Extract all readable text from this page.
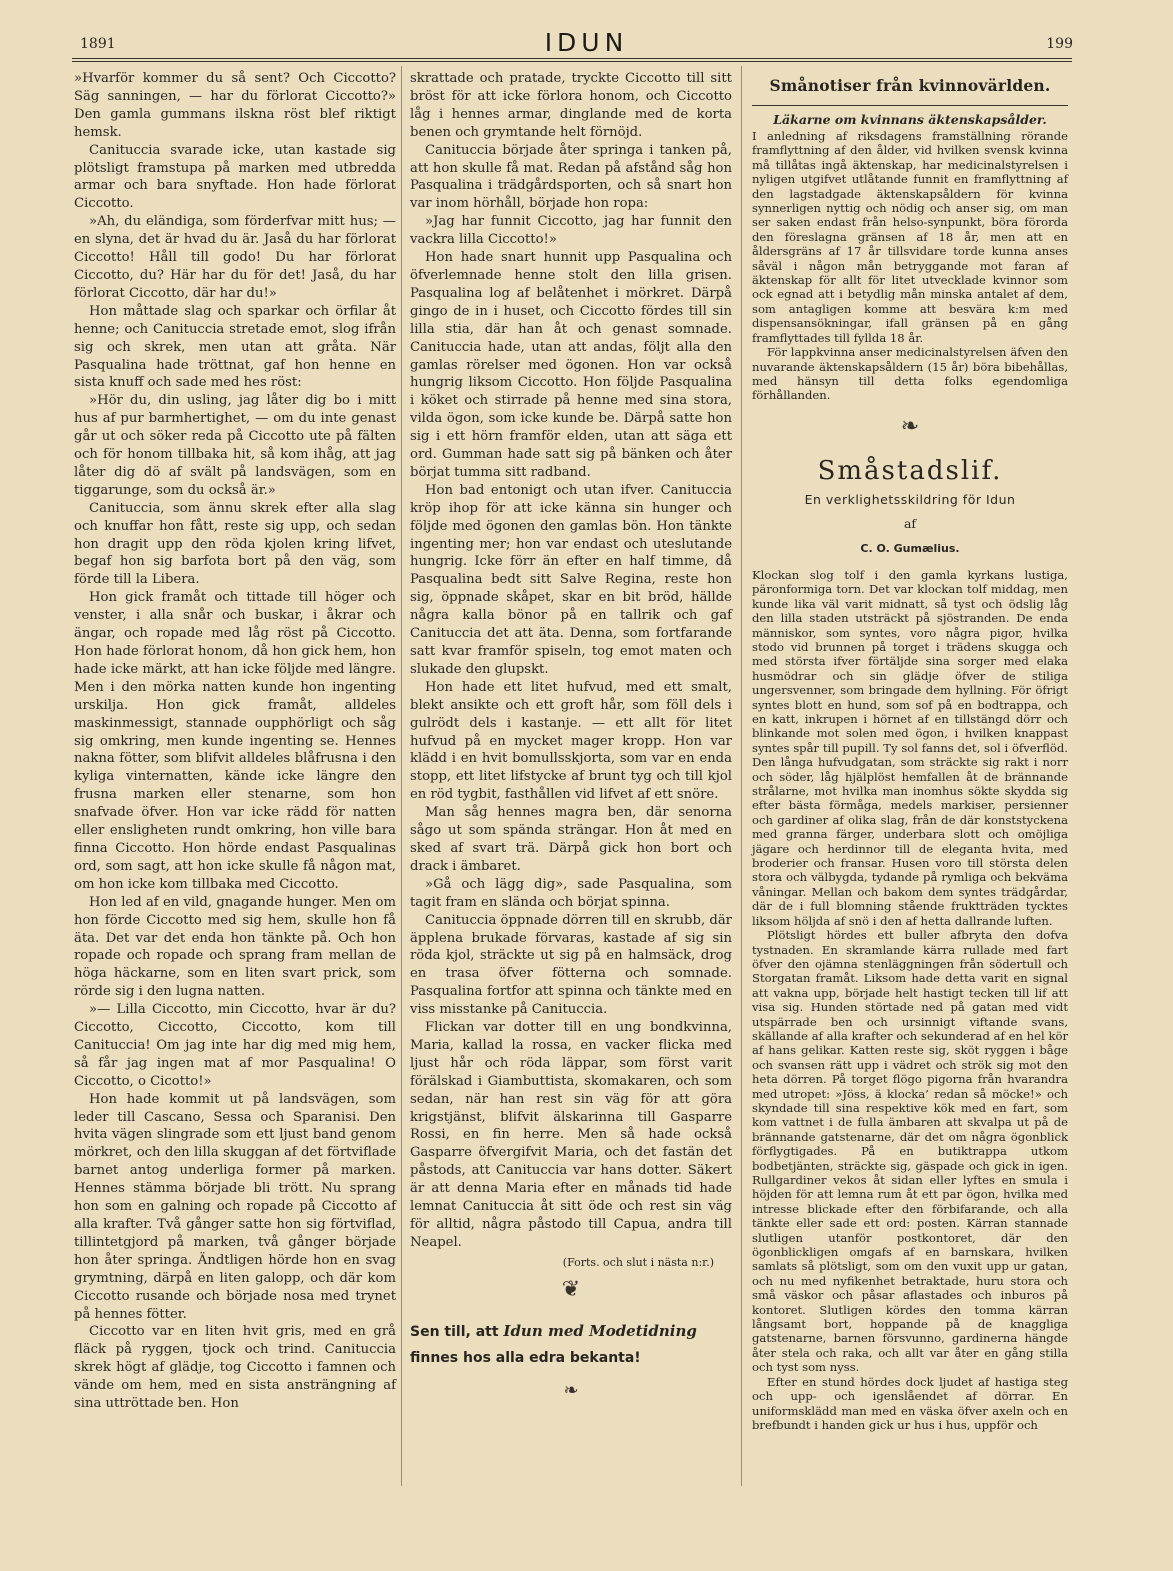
1891	IDUN	199

»Hvarför kommer du så sent? Och Ciccotto? Säg sanningen, — har du förlorat Ciccotto?» Den gamla gummans ilskna röst blef riktigt hemsk.

Canituccia svarade icke, utan kastade sig plötsligt framstupa på marken med utbredda armar och bara snyftade. Hon hade förlorat Ciccotto.

»Ah, du eländiga, som förderfvar mitt hus; — en slyna, det är hvad du är. Jaså du har förlorat Ciccotto! Håll till godo! Du har förlorat Ciccotto, du? Här har du för det! Jaså, du har förlorat Ciccotto, där har du!»

Hon måttade slag och sparkar och örfilar åt henne; och Canituccia stretade emot, slog ifrån sig och skrek, men utan att gråta. När Pasqualina hade tröttnat, gaf hon henne en sista knuff och sade med hes röst:

»Hör du, din usling, jag låter dig bo i mitt hus af pur barmhertighet, — om du inte genast går ut och söker reda på Ciccotto ute på fälten och för honom tillbaka hit, så kom ihåg, att jag låter dig dö af svält på landsvägen, som en tiggarunge, som du också är.»

Canituccia, som ännu skrek efter alla slag och knuffar hon fått, reste sig upp, och sedan hon dragit upp den röda kjolen kring lifvet, begaf hon sig barfota bort på den väg, som förde till la Libera.

Hon gick framåt och tittade till höger och venster, i alla snår och buskar, i åkrar och ängar, och ropade med låg röst på Ciccotto. Hon hade förlorat honom, då hon gick hem, hon hade icke märkt, att han icke följde med längre. Men i den mörka natten kunde hon ingenting urskilja. Hon gick framåt, alldeles maskinmessigt, stannade oupphörligt och såg sig omkring, men kunde ingenting se. Hennes nakna fötter, som blifvit alldeles blåfrusna i den kyliga vinternatten, kände icke längre den frusna marken eller stenarne, som hon snafvade öfver. Hon var icke rädd för natten eller ensligheten rundt omkring, hon ville bara finna Ciccotto. Hon hörde endast Pasqualinas ord, som sagt, att hon icke skulle få någon mat, om hon icke kom tillbaka med Ciccotto.

Hon led af en vild, gnagande hunger. Men om hon förde Ciccotto med sig hem, skulle hon få äta. Det var det enda hon tänkte på. Och hon ropade och ropade och sprang fram mellan de höga häckarne, som en liten svart prick, som rörde sig i den lugna natten.

»— Lilla Ciccotto, min Ciccotto, hvar är du? Ciccotto, Ciccotto, Ciccotto, kom till Canituccia! Om jag inte har dig med mig hem, så får jag ingen mat af mor Pasqualina! O Ciccotto, o Cicotto!»

Hon hade kommit ut på landsvägen, som leder till Cascano, Sessa och Sparanisi. Den hvita vägen slingrade som ett ljust band genom mörkret, och den lilla skuggan af det förtviflade barnet antog underliga former på marken. Hennes stämma började bli trött. Nu sprang hon som en galning och ropade på Ciccotto af alla krafter. Två gånger satte hon sig förtviflad, tillintetgjord på marken, två gånger började hon åter springa. Ändtligen hörde hon en svag grymtning, därpå en liten galopp, och där kom Ciccotto rusande och började nosa med trynet på hennes fötter.

Ciccotto var en liten hvit gris, med en grå fläck på ryggen, tjock och trind. Canituccia skrek högt af glädje, tog Ciccotto i famnen och vände om hem, med en sista ansträngning af sina uttröttade ben. Hon

skrattade och pratade, tryckte Ciccotto till sitt bröst för att icke förlora honom, och Ciccotto låg i hennes armar, dinglande med de korta benen och grymtande helt förnöjd.

Canituccia började åter springa i tanken på, att hon skulle få mat. Redan på afstånd såg hon Pasqualina i trädgårdsporten, och så snart hon var inom hörhåll, började hon ropa:

»Jag har funnit Ciccotto, jag har funnit den vackra lilla Ciccotto!»

Hon hade snart hunnit upp Pasqualina och öfverlemnade henne stolt den lilla grisen. Pasqualina log af belåtenhet i mörkret. Därpå gingo de in i huset, och Ciccotto fördes till sin lilla stia, där han åt och genast somnade. Canituccia hade, utan att andas, följt alla den gamlas rörelser med ögonen. Hon var också hungrig liksom Ciccotto. Hon följde Pasqualina i köket och stirrade på henne med sina stora, vilda ögon, som icke kunde be. Därpå satte hon sig i ett hörn framför elden, utan att säga ett ord. Gumman hade satt sig på bänken och åter börjat tumma sitt radband.

Hon bad entonigt och utan ifver. Canituccia kröp ihop för att icke känna sin hunger och följde med ögonen den gamlas bön. Hon tänkte ingenting mer; hon var endast och uteslutande hungrig. Icke förr än efter en half timme, då Pasqualina bedt sitt Salve Regina, reste hon sig, öppnade skåpet, skar en bit bröd, hällde några kalla bönor på en tallrik och gaf Canituccia det att äta. Denna, som fortfarande satt kvar framför spiseln, tog emot maten och slukade den glupskt.

Hon hade ett litet hufvud, med ett smalt, blekt ansikte och ett groft hår, som föll dels i gulrödt dels i kastanje. — ett allt för litet hufvud på en mycket mager kropp. Hon var klädd i en hvit bomullsskjorta, som var en enda stopp, ett litet lifstycke af brunt tyg och till kjol en röd tygbit, fasthållen vid lifvet af ett snöre.

Man såg hennes magra ben, där senorna sågo ut som spända strängar. Hon åt med en sked af svart trä. Därpå gick hon bort och drack i ämbaret.

»Gå och lägg dig», sade Pasqualina, som tagit fram en slända och börjat spinna.

Canituccia öppnade dörren till en skrubb, där äpplena brukade förvaras, kastade af sig sin röda kjol, sträckte ut sig på en halmsäck, drog en trasa öfver fötterna och somnade. Pasqualina fortfor att spinna och tänkte med en viss misstanke på Canituccia.

Flickan var dotter till en ung bondkvinna, Maria, kallad la rossa, en vacker flicka med ljust hår och röda läppar, som först varit förälskad i Giambuttista, skomakaren, och som sedan, när han rest sin väg för att göra krigstjänst, blifvit älskarinna till Gasparre Rossi, en fin herre. Men så hade också Gasparre öfvergifvit Maria, och det fastän det påstods, att Canituccia var hans dotter. Säkert är att denna Maria efter en månads tid hade lemnat Canituccia åt sitt öde och rest sin väg för alltid, några påstodo till Capua, andra till Neapel.

(Forts. och slut i nästa n:r.)
❦
Sen till, att Idun med Modetidning
finnes hos alla edra bekanta!
❧
Smånotiser från kvinnovärlden.
Läkarne om kvinnans äktenskapsålder.

I anledning af riksdagens framställning rörande framflyttning af den ålder, vid hvilken svensk kvinna må tillåtas ingå äktenskap, har medicinalstyrelsen i nyligen utgifvet utlåtande funnit en framflyttning af den lagstadgade äktenskapsåldern för kvinna synnerligen nyttig och nödig och anser sig, om man ser saken endast från helso-synpunkt, böra förorda den föreslagna gränsen af 18 år, men att en åldersgräns af 17 år tillsvidare torde kunna anses såväl i någon mån betryggande mot faran af äktenskap för allt för litet utvecklade kvinnor som ock egnad att i betydlig mån minska antalet af dem, som antagligen komme att besvära k:m med dispensansökningar, ifall gränsen på en gång framflyttades till fyllda 18 år.

För lappkvinna anser medicinalstyrelsen äfven den nuvarande äktenskapsåldern (15 år) böra bibehållas, med hänsyn till detta folks egendomliga förhållanden.

❧
Småstadslif.
En verklighetsskildring för Idun
af
C. O. Gumælius.

Klockan slog tolf i den gamla kyrkans lustiga, päronformiga torn. Det var klockan tolf middag, men kunde lika väl varit midnatt, så tyst och ödslig låg den lilla staden utsträckt på sjöstranden. De enda människor, som syntes, voro några pigor, hvilka stodo vid brunnen på torget i trädens skugga och med största ifver förtäljde sina sorger med elaka husmödrar och sin glädje öfver de stiliga ungersvenner, som bringade dem hyllning. För öfrigt syntes blott en hund, som sof på en bodtrappa, och en katt, inkrupen i hörnet af en tillstängd dörr och blinkande mot solen med ögon, i hvilken knappast syntes spår till pupill. Ty sol fanns det, sol i öfverflöd. Den långa hufvudgatan, som sträckte sig rakt i norr och söder, låg hjälplöst hemfallen åt de brännande strålarne, mot hvilka man inomhus sökte skydda sig efter bästa förmåga, medels markiser, persienner och gardiner af olika slag, från de där konststyckena med granna färger, underbara slott och omöjliga jägare och herdinnor till de eleganta hvita, med broderier och fransar. Husen voro till största delen stora och välbygda, tydande på rymliga och bekväma våningar. Mellan och bakom dem syntes trädgårdar, där de i full blomning stående fruktträden tycktes liksom höljda af snö i den af hetta dallrande luften.

Plötsligt hördes ett buller afbryta den dofva tystnaden. En skramlande kärra rullade med fart öfver den ojämna stenläggningen från södertull och Storgatan framåt. Liksom hade detta varit en signal att vakna upp, började helt hastigt tecken till lif att visa sig. Hunden störtade ned på gatan med vidt utspärrade ben och ursinnigt viftande svans, skällande af alla krafter och sekunderad af en hel kör af hans gelikar. Katten reste sig, sköt ryggen i båge och svansen rätt upp i vädret och strök sig mot den heta dörren. På torget flögo pigorna från hvarandra med utropet: »Jöss, ä klocka’ redan så möcke!» och skyndade till sina respektive kök med en fart, som kom vattnet i de fulla ämbaren att skvalpa ut på de brännande gatstenarne, där det om några ögonblick förflygtigades. På en butiktrappa utkom bodbetjänten, sträckte sig, gäspade och gick in igen. Rullgardiner vekos åt sidan eller lyftes en smula i höjden för att lemna rum åt ett par ögon, hvilka med intresse blickade efter den förbifarande, och alla tänkte eller sade ett ord: posten. Kärran stannade slutligen utanför postkontoret, där den ögonblickligen omgafs af en barnskara, hvilken samlats så plötsligt, som om den vuxit upp ur gatan, och nu med nyfikenhet betraktade, huru stora och små väskor och påsar aflastades och inburos på kontoret. Slutligen kördes den tomma kärran långsamt bort, hoppande på de knaggliga gatstenarne, barnen försvunno, gardinerna hängde åter stela och raka, och allt var åter en gång stilla och tyst som nyss.

Efter en stund hördes dock ljudet af hastiga steg och upp- och igenslåendet af dörrar. En uniformsklädd man med en väska öfver axeln och en brefbundt i handen gick ur hus i hus, uppför och
